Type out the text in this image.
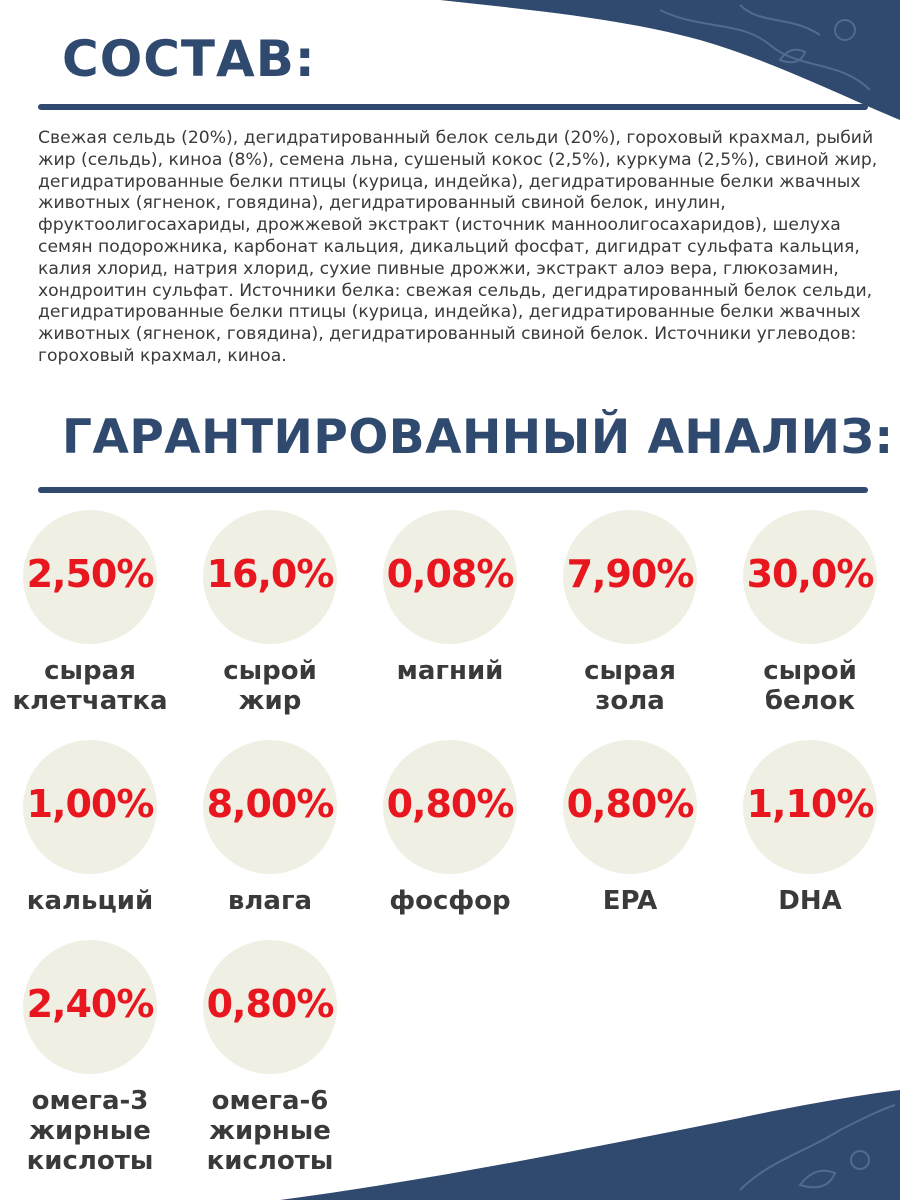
СОСТАВ:

Свежая сельдь (20%), дегидратированный белок сельди (20%), гороховый крахмал, рыбий жир (сельдь), киноа (8%), семена льна, сушеный кокос (2,5%), куркума (2,5%), свиной жир, дегидратированные белки птицы (курица, индейка), дегидратированные белки жвачных животных (ягненок, говядина), дегидратированный свиной белок, инулин, фруктоолигосахариды, дрожжевой экстракт (источник маннoолигосахаридов), шелуха семян подорожника, карбонат кальция, дикальций фосфат, дигидрат сульфата кальция, калия хлорид, натрия хлорид, сухие пивные дрожжи, экстракт алоэ вера, глюкозамин, хондроитин сульфат. Источники белка: свежая сельдь, дегидратированный белок сельди, дегидратированные белки птицы (курица, индейка), дегидратированные белки жвачных животных (ягненок, говядина), дегидратированный свиной белок. Источники углеводов: гороховый крахмал, киноа.

ГАРАНТИРОВАННЫЙ АНАЛИЗ:
2,50%
сырая
клетчатка
16,0%
сырой
жир
0,08%
магний
7,90%
сырая
зола
30,0%
сырой
белок
1,00%
кальций
8,00%
влага
0,80%
фосфор
0,80%
EPA
1,10%
DHA
2,40%
омега-3
жирные
кислоты
0,80%
омега-6
жирные
кислоты
